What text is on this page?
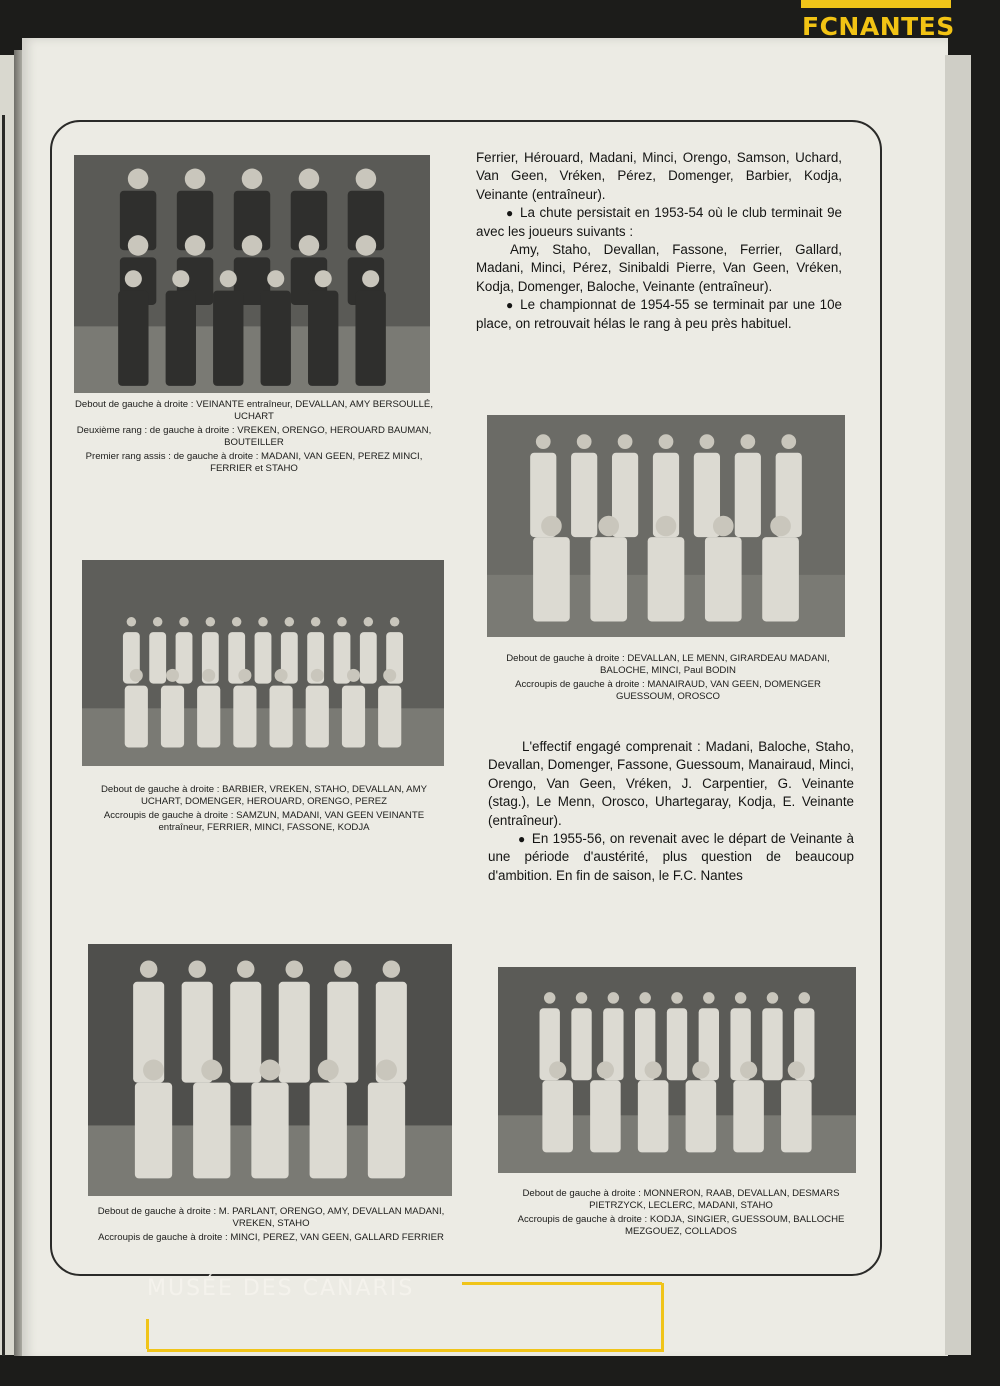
Debout de gauche à droite : VEINANTE entraîneur, DEVALLAN, AMY BERSOULLÉ, UCHART

Deuxième rang : de gauche à droite : VREKEN, ORENGO, HEROUARD BAUMAN, BOUTEILLER

Premier rang assis : de gauche à droite : MADANI, VAN GEEN, PEREZ MINCI, FERRIER et STAHO

Debout de gauche à droite : DEVALLAN, LE MENN, GIRARDEAU MADANI, BALOCHE, MINCI, Paul BODIN

Accroupis de gauche à droite : MANAIRAUD, VAN GEEN, DOMENGER GUESSOUM, OROSCO

Debout de gauche à droite : BARBIER, VREKEN, STAHO, DEVALLAN, AMY UCHART, DOMENGER, HEROUARD, ORENGO, PEREZ

Accroupis de gauche à droite : SAMZUN, MADANI, VAN GEEN VEINANTE entraîneur, FERRIER, MINCI, FASSONE, KODJA

Debout de gauche à droite : M. PARLANT, ORENGO, AMY, DEVALLAN MADANI, VREKEN, STAHO

Accroupis de gauche à droite : MINCI, PEREZ, VAN GEEN, GALLARD FERRIER

Debout de gauche à droite : MONNERON, RAAB, DEVALLAN, DESMARS PIETRZYCK, LECLERC, MADANI, STAHO

Accroupis de gauche à droite : KODJA, SINGIER, GUESSOUM, BALLOCHE MEZGOUEZ, COLLADOS

Ferrier, Hérouard, Madani, Minci, Orengo, Samson, Uchard, Van Geen, Vréken, Pérez, Domenger, Barbier, Kodja, Veinante (entraîneur).

● La chute persistait en 1953-54 où le club terminait 9e avec les joueurs suivants :

Amy, Staho, Devallan, Fassone, Ferrier, Gallard, Madani, Minci, Pérez, Sinibaldi Pierre, Van Geen, Vréken, Kodja, Domenger, Baloche, Veinante (entraîneur).

● Le championnat de 1954-55 se terminait par une 10e place, on retrouvait hélas le rang à peu près habituel.

L'effectif engagé comprenait : Madani, Baloche, Staho, Devallan, Domenger, Fassone, Guessoum, Manairaud, Minci, Orengo, Van Geen, Vréken, J. Carpentier, G. Veinante (stag.), Le Menn, Orosco, Uhartegaray, Kodja, E. Veinante (entraîneur).

● En 1955-56, on revenait avec le départ de Veinante à une période d'austérité, plus question de beaucoup d'ambition. En fin de saison, le F.C. Nantes

FCNANTES
MUSÉE DES CANARIS
